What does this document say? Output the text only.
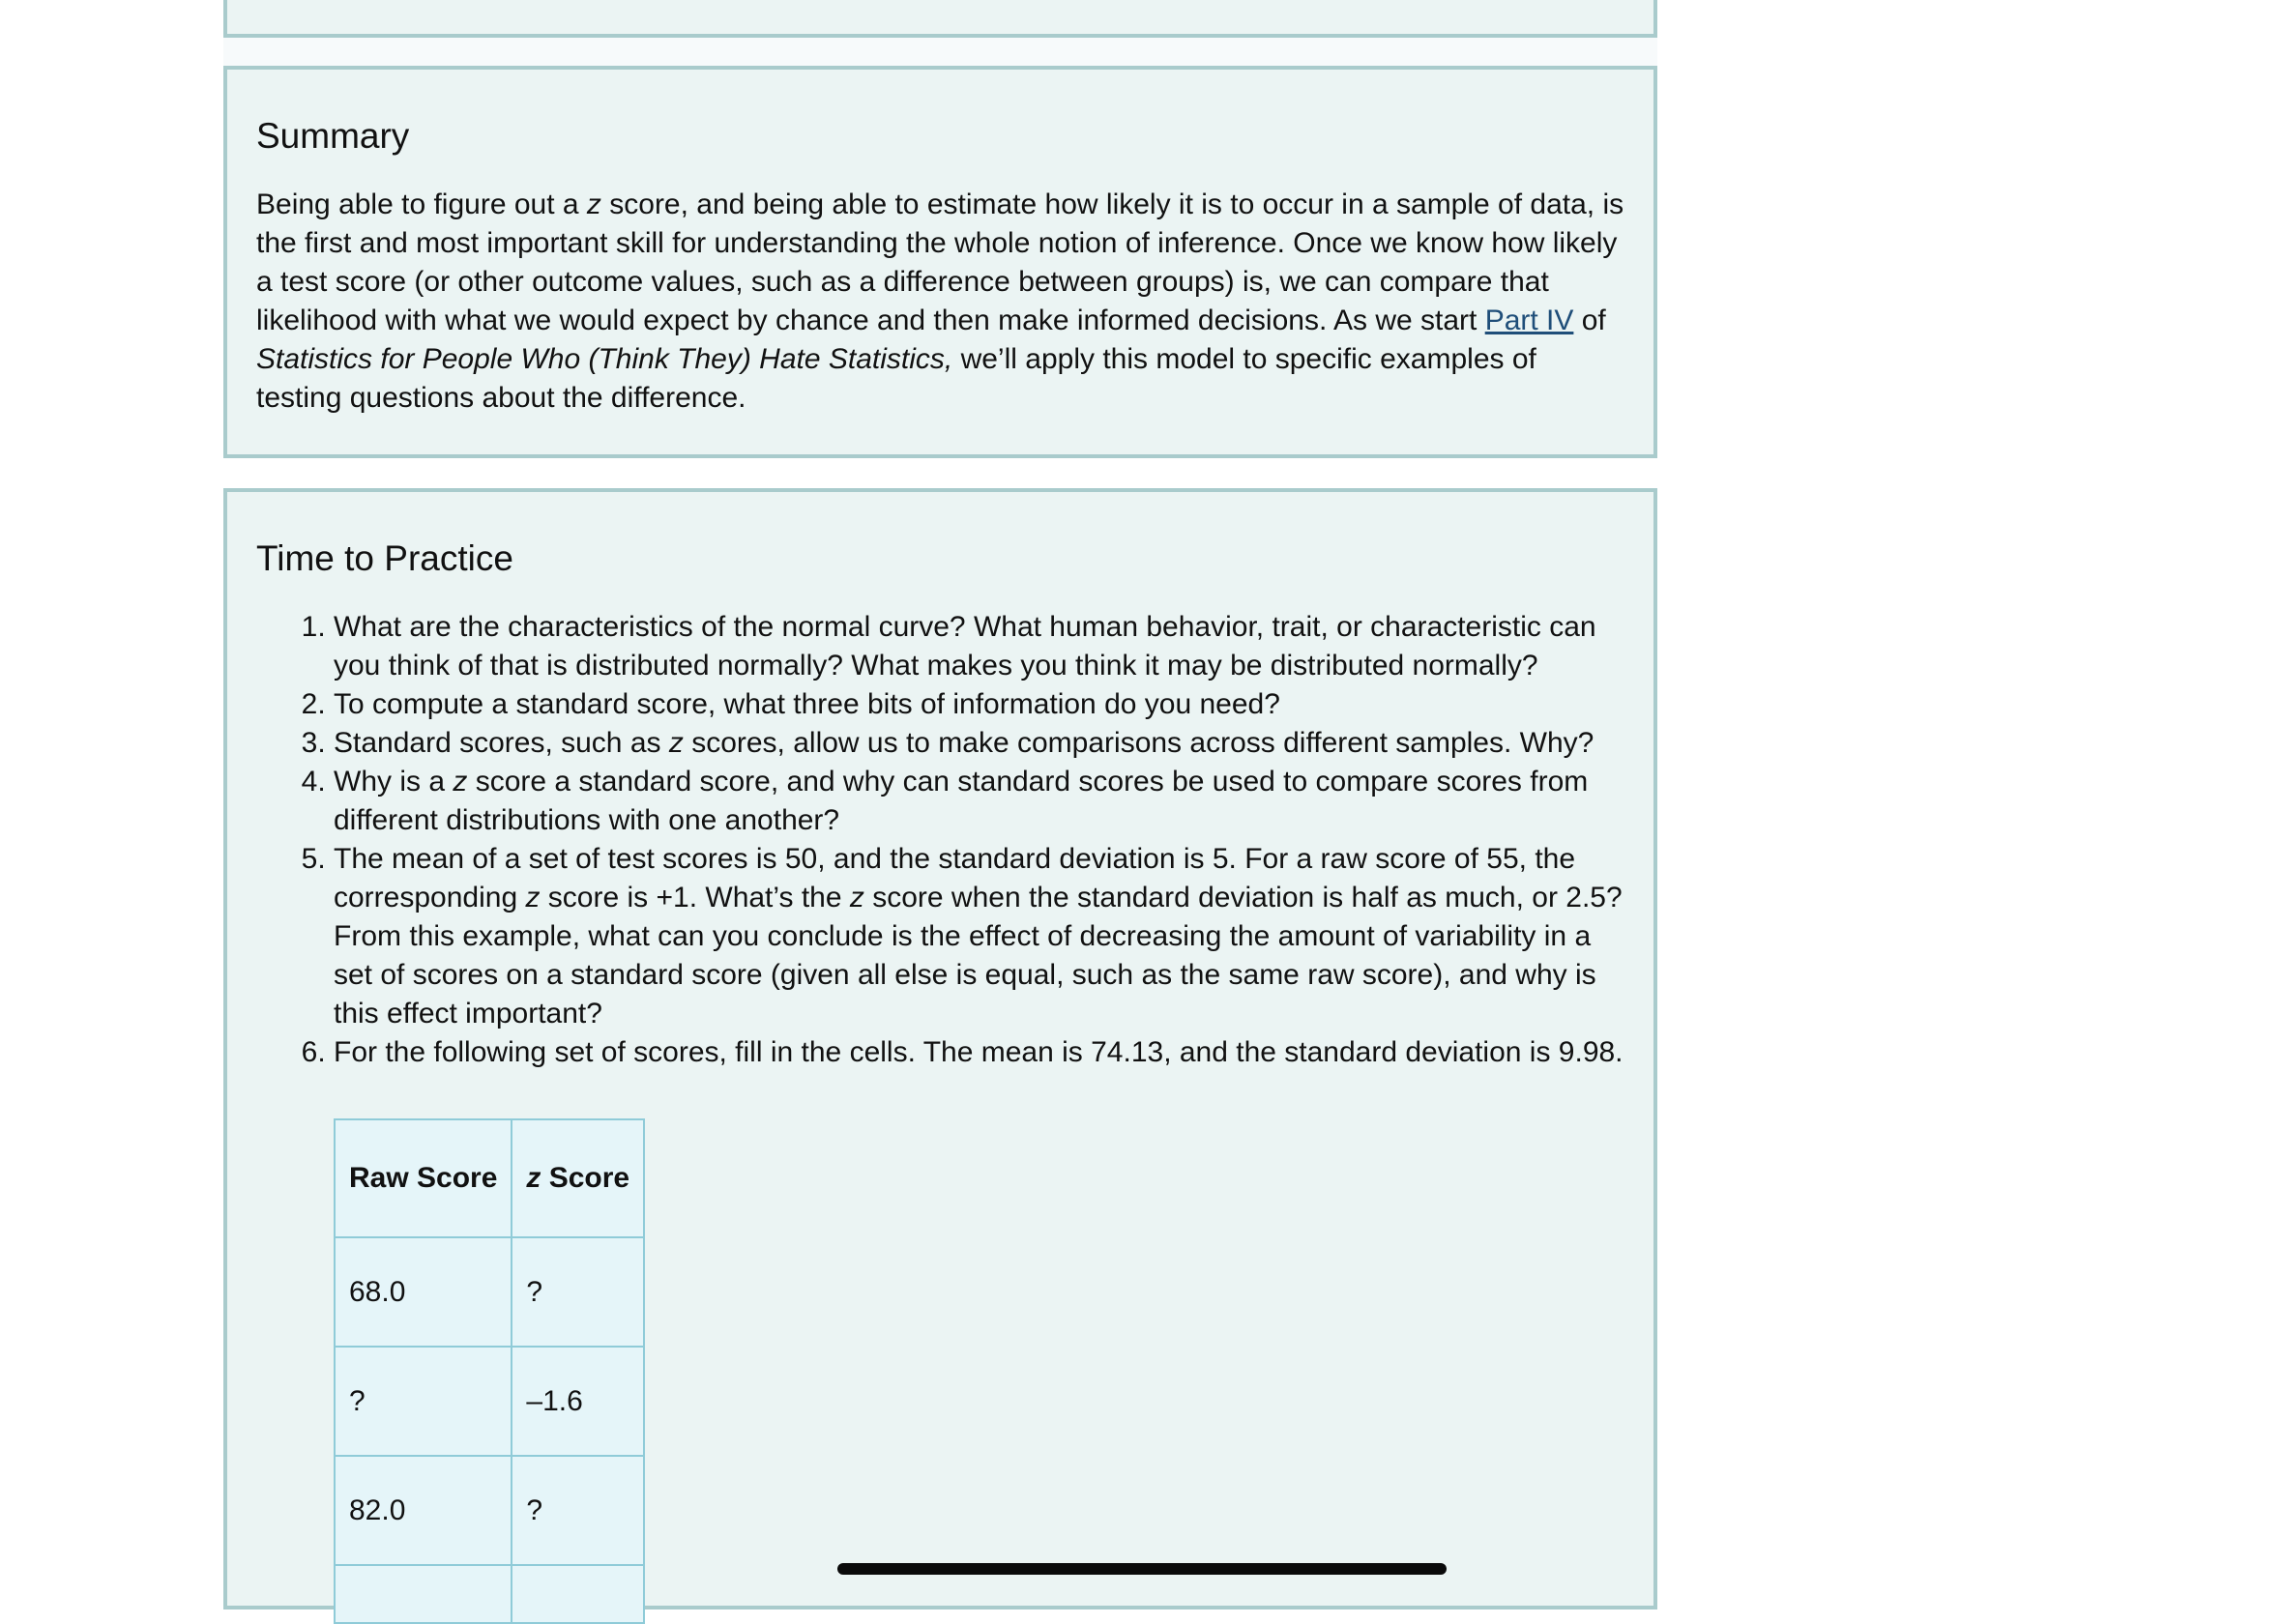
Summary

Being able to figure out a z score, and being able to estimate how likely it is to occur in a sample of data, is the first and most important skill for understanding the whole notion of inference. Once we know how likely a test score (or other outcome values, such as a difference between groups) is, we can compare that likelihood with what we would expect by chance and then make informed decisions. As we start Part IV of Statistics for People Who (Think They) Hate Statistics, we’ll apply this model to specific examples of testing questions about the difference.

Time to Practice
1. What are the characteristics of the normal curve? What human behavior, trait, or characteristic can you think of that is distributed normally? What makes you think it may be distributed normally?
2. To compute a standard score, what three bits of information do you need?
3. Standard scores, such as z scores, allow us to make comparisons across different samples. Why?
4. Why is a z score a standard score, and why can standard scores be used to compare scores from different distributions with one another?
5. The mean of a set of test scores is 50, and the standard deviation is 5. For a raw score of 55, the corresponding z score is +1. What’s the z score when the standard deviation is half as much, or 2.5? From this example, what can you conclude is the effect of decreasing the amount of variability in a set of scores on a standard score (given all else is equal, such as the same raw score), and why is this effect important?
6. For the following set of scores, fill in the cells. The mean is 74.13, and the standard deviation is 9.98.
Raw Score	z Score
68.0	?
?	–1.6
82.0	?
